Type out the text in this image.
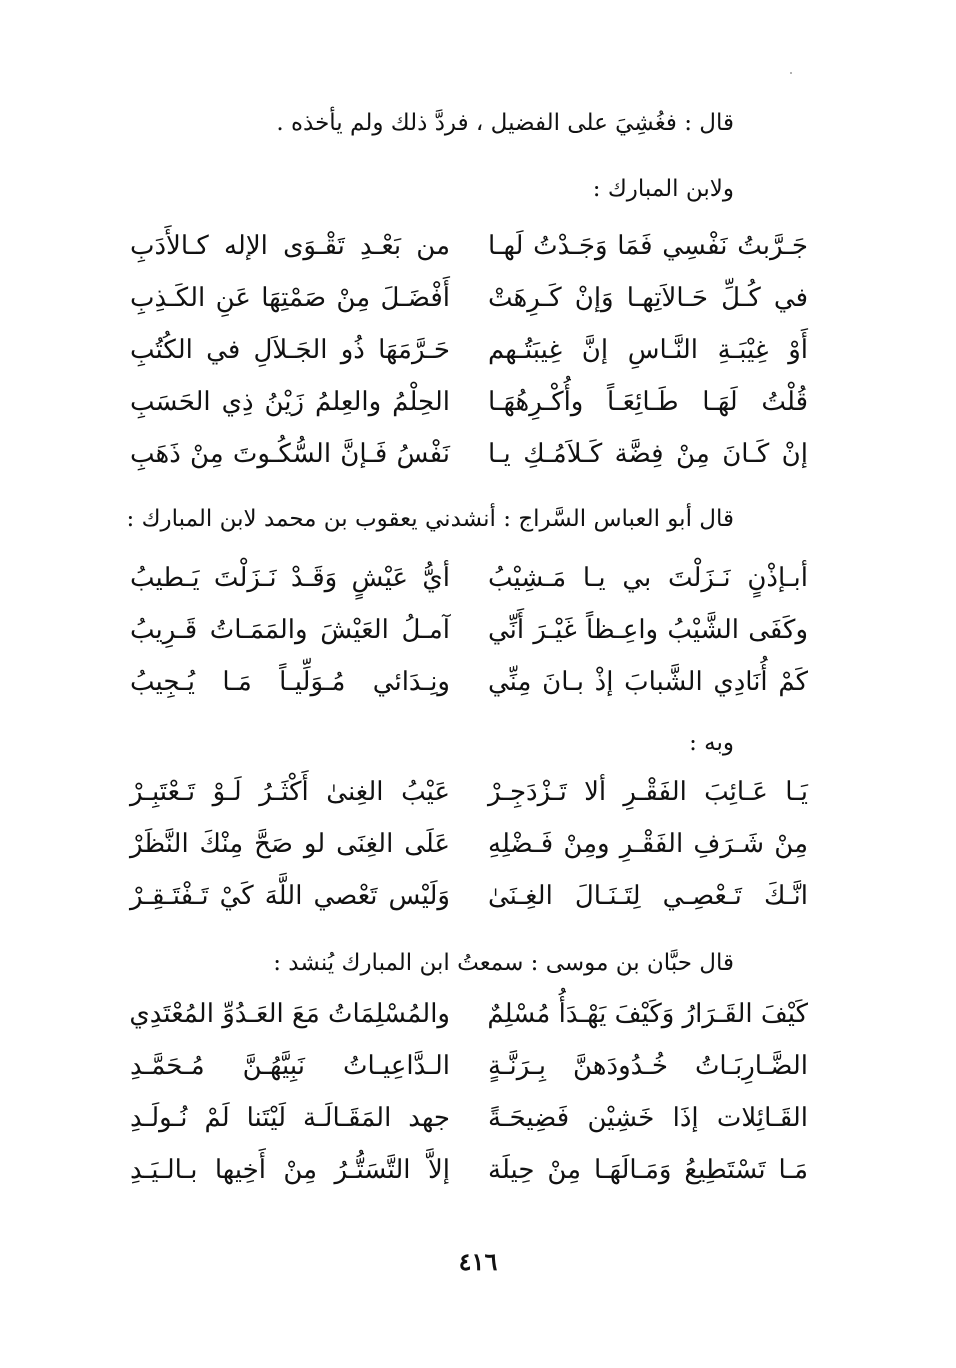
قال : فغُشِيَ على الفضيل ، فردَّ ذلك ولم يأخذه .
ولابن المبارك :
جَـرَّبتُ نَفْسِي فَمَا وَجَـدْتُ لَهـا
من بَعْـدِ تَقْـوَى الإله كـالأَدَبِ
في كُـلِّ حَـالاَتِهـا وَإنْ كَـرِهَتْ
أَفْضَـلَ مِنْ صَمْتِهَا عَنِ الكَـذِبِ
أَوْ غِيْبَـةِ النَّـاسِ إنَّ غِيبَتُـهم
حَـرَّمَهَا ذُو الجَـلاَلِ في الكُتُبِ
قُلْتُ لَهَـا طَـائِعَـاً وأُكْـرِهُهَـا
الحِلْمُ والعِلمُ زَيْنُ ذِي الحَسَبِ
إنْ كَـانَ مِنْ فِضَّة كَـلاَمُـكِ يـا
نَفْسُ فَـإنَّ السُّكُـوتَ مِنْ ذَهَبِ
قال أبو العباس السَّراج : أنشدني يعقوب بن محمد لابن المبارك :
أبـإذْنٍ نَـزَلْتَ بي يـا مَـشِيْبُ
أيُّ عَيْشٍ وَقَـدْ نَـزَلْتَ يَـطيبُ
وكَفَى الشَّيْبُ واعِـظاً غَيْـرَ أَنِّي
آمـلُ العَيْشَ والمَمَـاتُ قَـرِيبُ
كَمْ أُنَادِي الشَّبابَ إذْ بـانَ مِنِّي
ونِـدَائي مُـوَلِّيـاً مَـا يُـجِيبُ
وبه :
يَـا عَـائِبَ الفَقْـرِ ألا تَـزْدَجِـرْ
عَيْبُ الغِنىٰ أَكْثَـرُ لَـوْ تَـعْتَبِـرْ
مِنْ شَـرَفِ الفَقْـرِ ومِنْ فَـضْلِهِ
عَلَى الغِنَى لو صَحَّ مِنْكَ النَّظَرْ
انَّـكَ تَـعْصِـي لِتَـنَـالَ الغِـنَىٰ
وَلَيْس تَعْصي اللَّهَ كَيْ تَـفْتَـقِـرْ
قال حبَّان بن موسى : سمعتُ ابن المبارك يُنشد :
كَيْفَ القَـرَارُ وَكَيْفَ يَهْـدَأُ مُسْلِمٌ
والمُسْلِمَاتُ مَعَ العَـدُوِّ المُعْتَدِي
الضَّـارِبَـاتُ خُـدُودَهنَّ بِـرَنَّـةٍ
الـدَّاعِيـاتُ نَبِيَّهُـنَّ مُـحَمَّـدِ
القَـائِلات إذَا خَشِيْن فَضِيحَـةً
جهد المَقَـالَـة لَيْتَنا لَمْ نُـولَـدِ
مَـا تَسْتَطِيعُ وَمَـالَهَـا مِنْ حِيلَة
إلاَّ التَّسَتُّـرُ مِنْ أَخِيها بـالـيَـدِ
٤١٦
